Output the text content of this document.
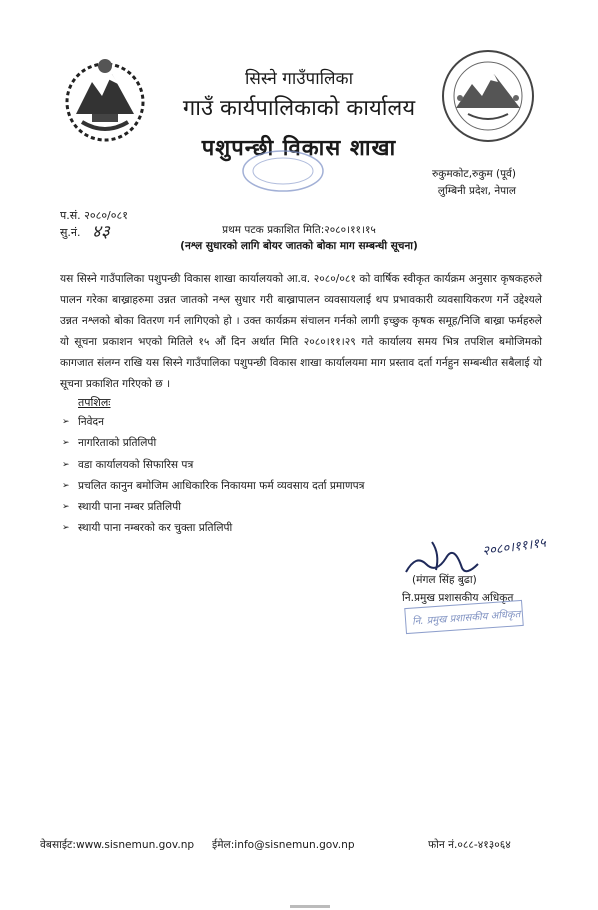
सिस्ने गाउँपालिका
गाउँ कार्यपालिकाको कार्यालय
पशुपन्छी विकास शाखा
रुकुमकोट,रुकुम (पूर्व)
लुम्बिनी प्रदेश, नेपाल
प.सं. २०८०/०८१
सु.नं. ४३	प्रथम पटक प्रकाशित मिति:२०८०।११।१५
(नश्ल सुधारको लागि बोयर जातको बोका माग सम्बन्धी सूचना)
यस सिस्ने गाउँपालिका पशुपन्छी विकास शाखा कार्यालयको आ.व. २०८०/०८१ को वार्षिक स्वीकृत कार्यक्रम अनुसार कृषकहरुले पालन गरेका बाख्राहरुमा उन्नत जातको नश्ल सुधार गरी बाख्रापालन व्यवसायलाई थप प्रभावकारी व्यवसायिकरण गर्ने उद्देश्यले उन्नत नश्लको बोका वितरण गर्न लागिएको हो । उक्त कार्यक्रम संचालन गर्नको लागी इच्छुक कृषक समूह/निजि बाख्रा फर्महरुले यो सूचना प्रकाशन भएको मितिले १५ औं दिन अर्थात मिति २०८०।११।२९ गते कार्यालय समय भित्र तपशिल बमोजिमको कागजात संलग्न राखि यस सिस्ने गाउँपालिका पशुपन्छी विकास शाखा कार्यालयमा माग प्रस्ताव दर्ता गर्नहुन सम्बन्धीत सबैलाई यो सूचना प्रकाशित गरिएको छ ।
तपशिलः
➢ निवेदन
➢ नागरिताको प्रतिलिपी
➢ वडा कार्यालयको सिफारिस पत्र
➢ प्रचलित कानुन बमोजिम आधिकारिक निकायमा फर्म व्यवसाय दर्ता प्रमाणपत्र
➢ स्थायी पाना नम्बर प्रतिलिपी
➢ स्थायी पाना नम्बरको कर चुक्ता प्रतिलिपी
२०८०।११।१५
(मंगल सिंह बुढा)
नि.प्रमुख प्रशासकीय अधिकृत
नि. प्रमुख प्रशासकीय अधिकृत
वेबसाईट:www.sisnemun.gov.np ईमेल:info@sisnemun.gov.np	फोन नं.०८८-४१३०६४
